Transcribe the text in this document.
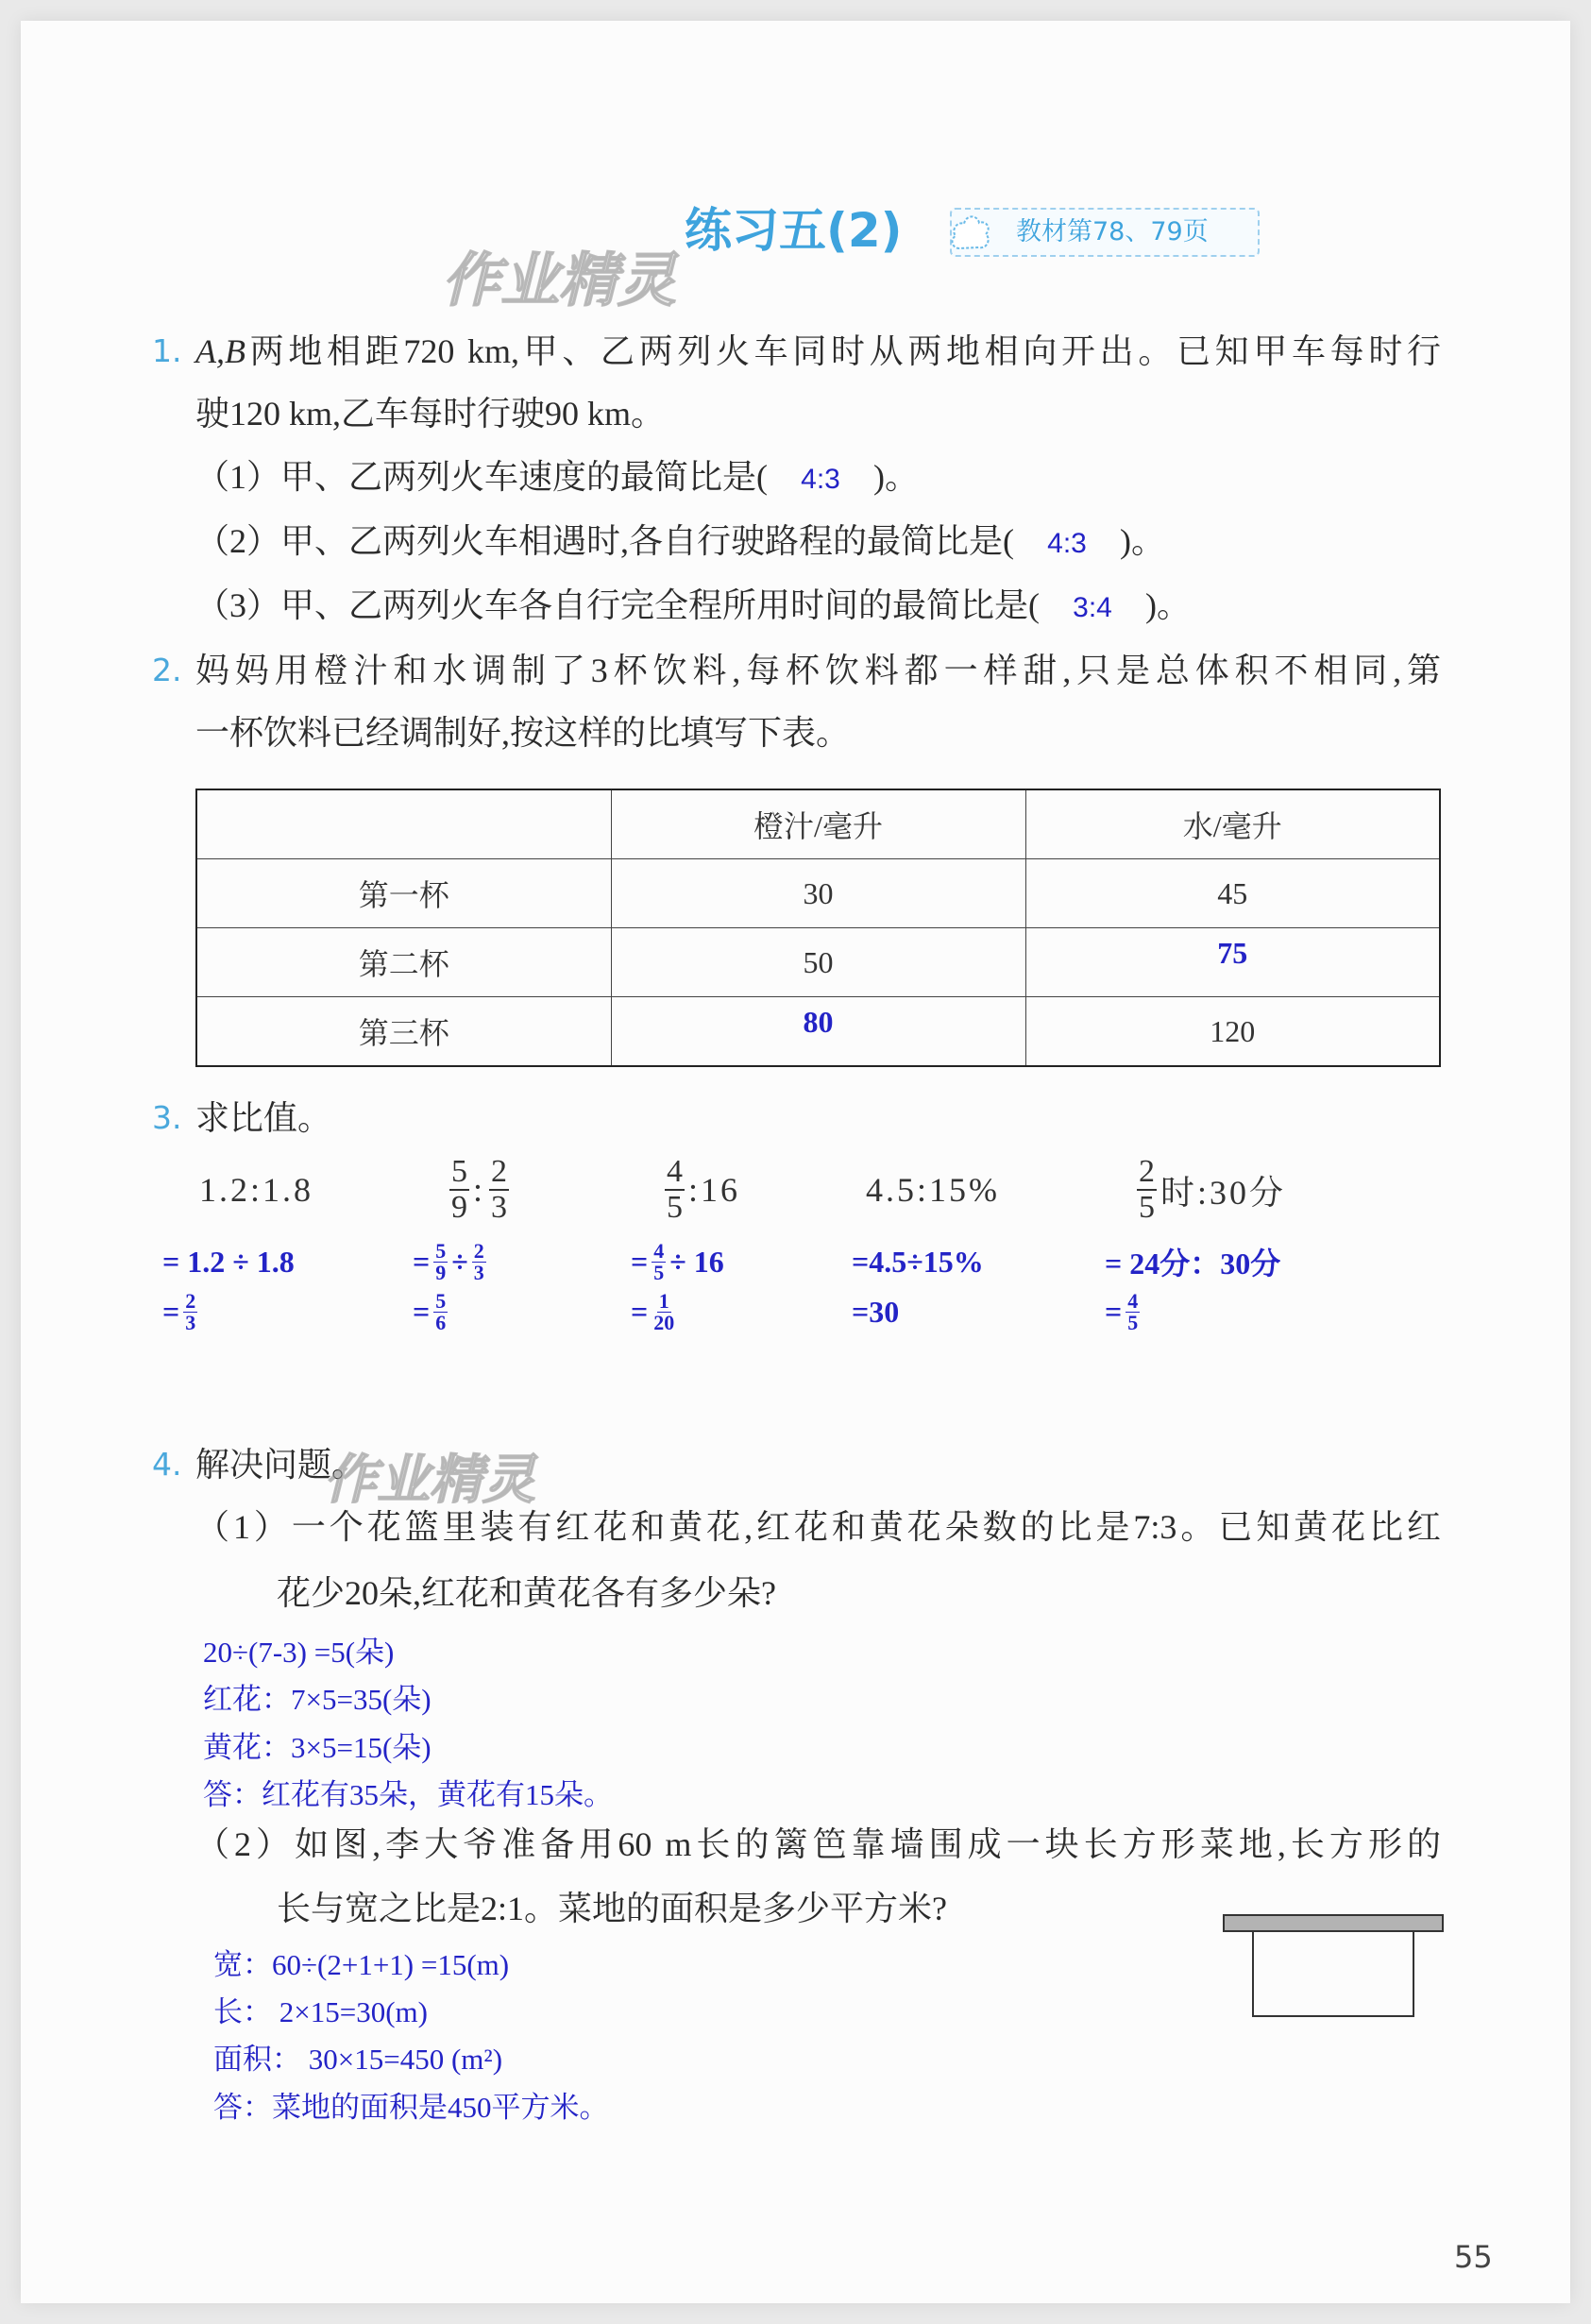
练习五(2)	教材第78、79页
作业精灵
1. A,B两地相距720 km,甲、乙两列火车同时从两地相向开出。已知甲车每时行
驶120 km,乙车每时行驶90 km。
（1）甲、乙两列火车速度的最简比是( 4:3 )。
（2）甲、乙两列火车相遇时,各自行驶路程的最简比是( 4:3 )。
（3）甲、乙两列火车各自行完全程所用时间的最简比是( 3:4 )。
2. 妈妈用橙汁和水调制了3杯饮料,每杯饮料都一样甜,只是总体积不相同,第
一杯饮料已经调制好,按这样的比填写下表。
	橙汁/毫升	水/毫升
第一杯	30	45
第二杯	50	75
第三杯	80	120
3. 求比值。
1.2:1.8
= 1.2 ÷ 1.8
= $\frac{2}{3}$
$\frac{5}{9}$ : $\frac{2}{3}$
= $\frac{5}{9} \div \frac{2}{3}$
= $\frac{5}{6}$
$\frac{4}{5}$ :16
= $\frac{4}{5} \div 16$
= $\frac{1}{20}$
4.5:15%
=4.5÷15%
=30
$\frac{2}{5}$ 时:30分
= 24分：30分
= $\frac{4}{5}$
4. 解决问题。
作业精灵
（1）一个花篮里装有红花和黄花,红花和黄花朵数的比是7:3。已知黄花比红
花少20朵,红花和黄花各有多少朵?
20÷(7-3) =5(朵)
红花：7×5=35(朵)
黄花：3×5=15(朵)
答：红花有35朵，黄花有15朵。
（2）如图,李大爷准备用60 m长的篱笆靠墙围成一块长方形菜地,长方形的
长与宽之比是2:1。菜地的面积是多少平方米?
宽：60÷(2+1+1) =15(m)
长： 2×15=30(m)
面积： 30×15=450 (m²)
答：菜地的面积是450平方米。
55
